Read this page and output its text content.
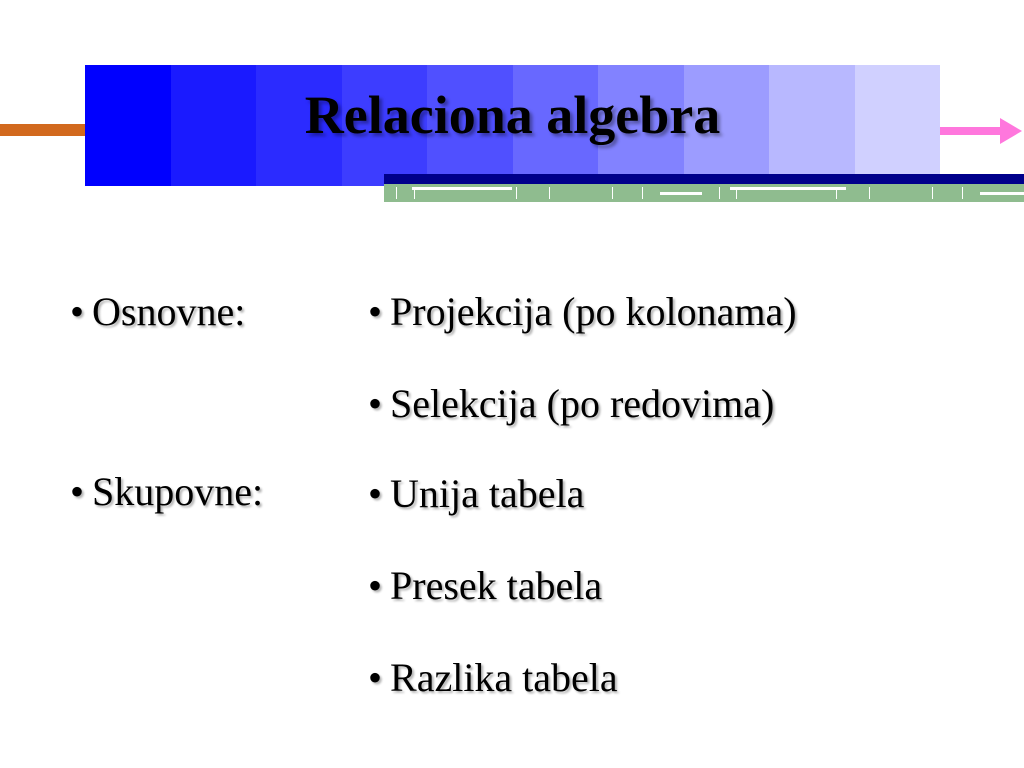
Relaciona algebra

• Osnovne:

• Skupovne:

• Projekcija (po kolonama)

• Selekcija (po redovima)

• Unija tabela

• Presek tabela

• Razlika tabela
